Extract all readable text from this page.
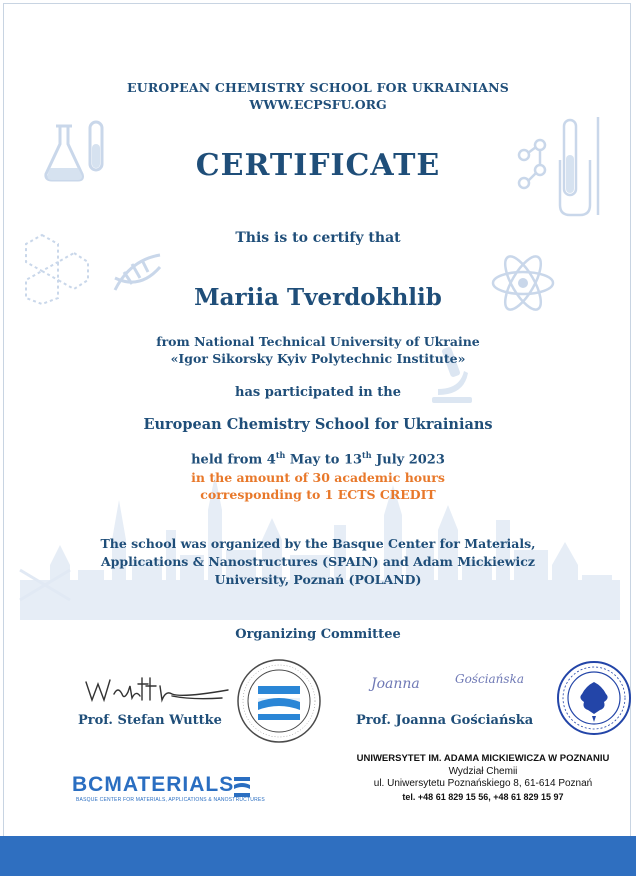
EUROPEAN CHEMISTRY SCHOOL FOR UKRAINIANS
WWW.ECPSFU.ORG
CERTIFICATE
This is to certify that
Mariia Tverdokhlib
from National Technical University of Ukraine
«Igor Sikorsky Kyiv Polytechnic Institute»
has participated in the
European Chemistry School for Ukrainians
held from 4th May to 13th July 2023
in the amount of 30 academic hours
corresponding to 1 ECTS CREDIT
The school was organized by the Basque Center for Materials,
Applications & Nanostructures (SPAIN) and Adam Mickiewicz
University, Poznań (POLAND)
Organizing Committee
Joanna	Gościańska
Prof. Stefan Wuttke	Prof. Joanna Gościańska
UNIWERSYTET IM. ADAMA MICKIEWICZA W POZNANIU
Wydział Chemii
ul. Uniwersytetu Poznańskiego 8, 61-614 Poznań
tel. +48 61 829 15 56, +48 61 829 15 97
BCMATERIALS
BASQUE CENTER FOR MATERIALS, APPLICATIONS & NANOSTRUCTURES
